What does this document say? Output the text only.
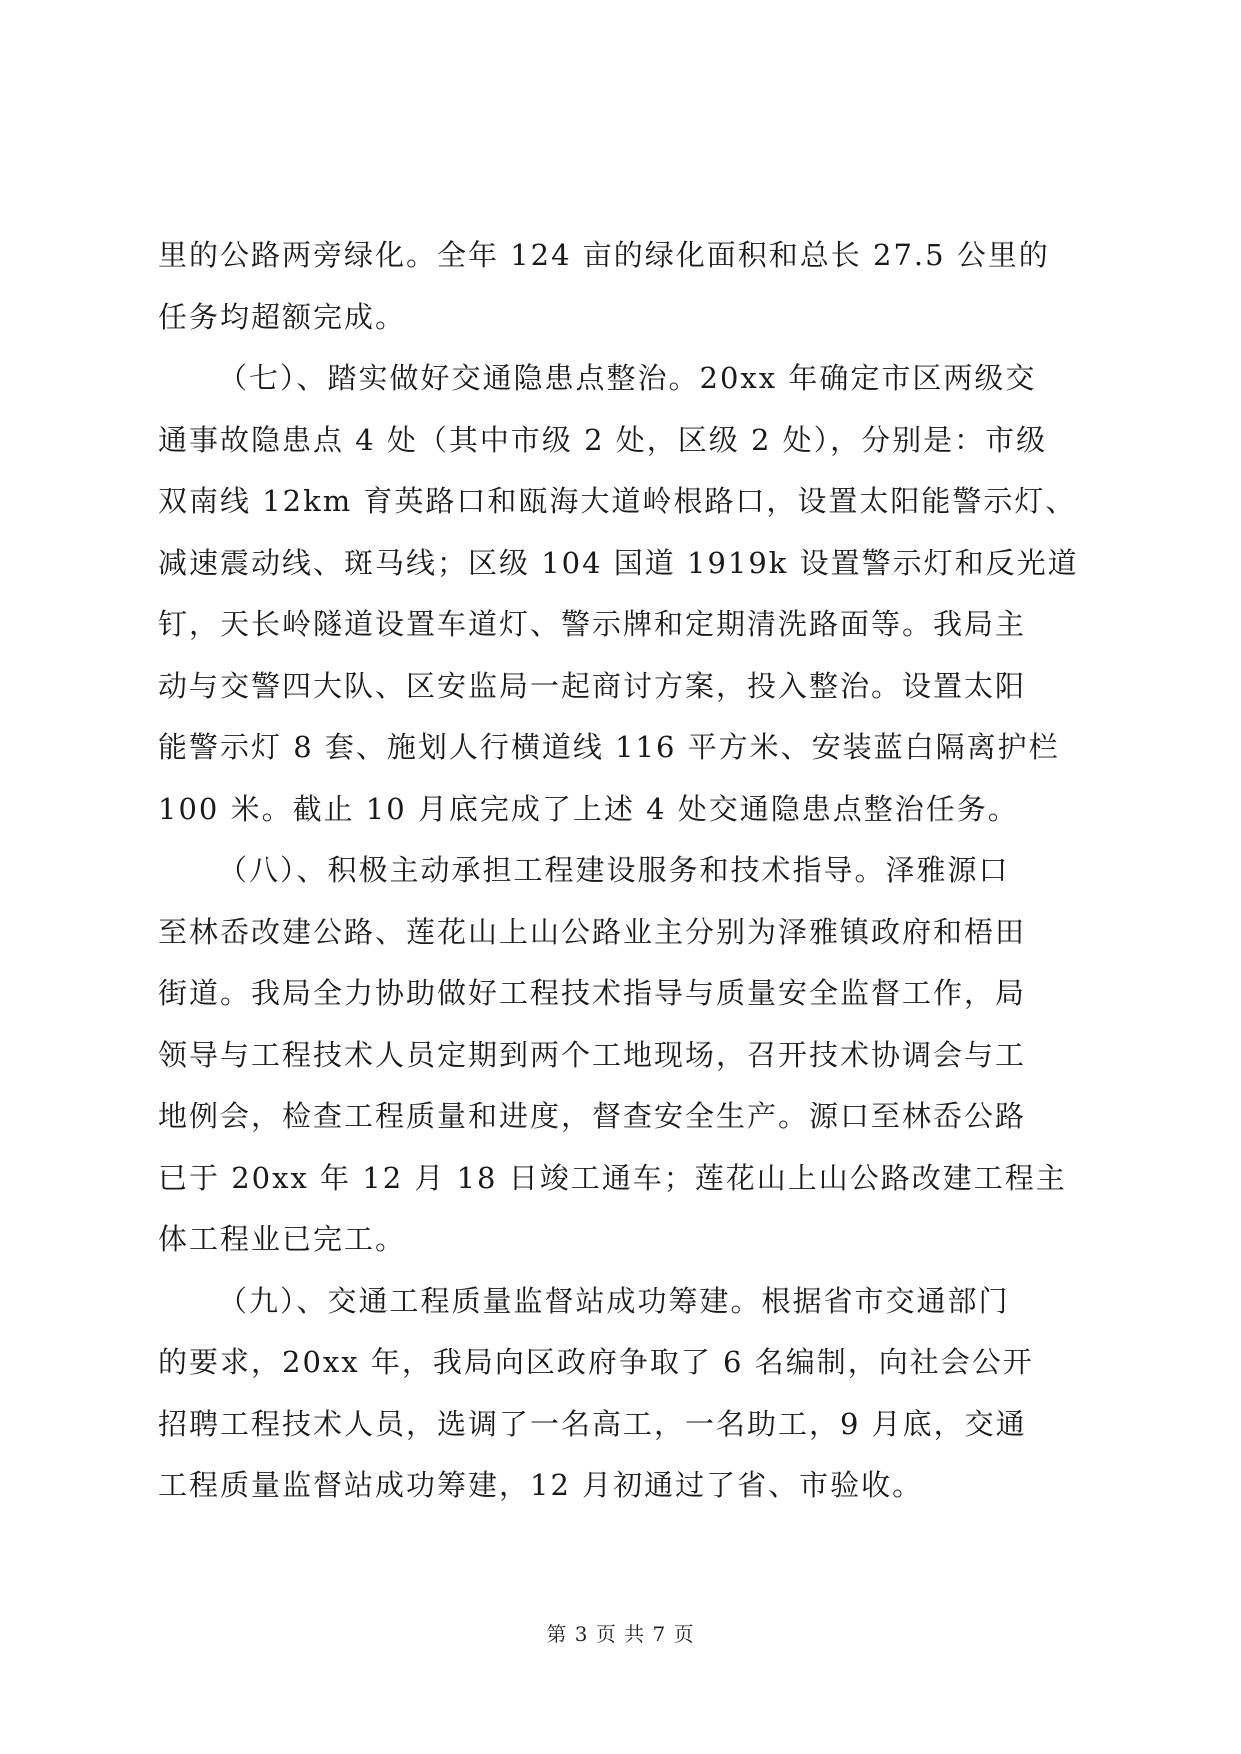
里的公路两旁绿化。全年 124 亩的绿化面积和总长 27.5 公里的
任务均超额完成。
（七）、踏实做好交通隐患点整治。20xx 年确定市区两级交
通事故隐患点 4 处（其中市级 2 处，区级 2 处），分别是：市级
双南线 12km 育英路口和瓯海大道岭根路口，设置太阳能警示灯、
减速震动线、斑马线；区级 104 国道 1919k 设置警示灯和反光道
钉，天长岭隧道设置车道灯、警示牌和定期清洗路面等。我局主
动与交警四大队、区安监局一起商讨方案，投入整治。设置太阳
能警示灯 8 套、施划人行横道线 116 平方米、安装蓝白隔离护栏
100 米。截止 10 月底完成了上述 4 处交通隐患点整治任务。
（八）、积极主动承担工程建设服务和技术指导。泽雅源口
至林岙改建公路、莲花山上山公路业主分别为泽雅镇政府和梧田
街道。我局全力协助做好工程技术指导与质量安全监督工作，局
领导与工程技术人员定期到两个工地现场，召开技术协调会与工
地例会，检查工程质量和进度，督查安全生产。源口至林岙公路
已于 20xx 年 12 月 18 日竣工通车；莲花山上山公路改建工程主
体工程业已完工。
（九）、交通工程质量监督站成功筹建。根据省市交通部门
的要求，20xx 年，我局向区政府争取了 6 名编制，向社会公开
招聘工程技术人员，选调了一名高工，一名助工，9 月底，交通
工程质量监督站成功筹建，12 月初通过了省、市验收。
第 3 页 共 7 页
